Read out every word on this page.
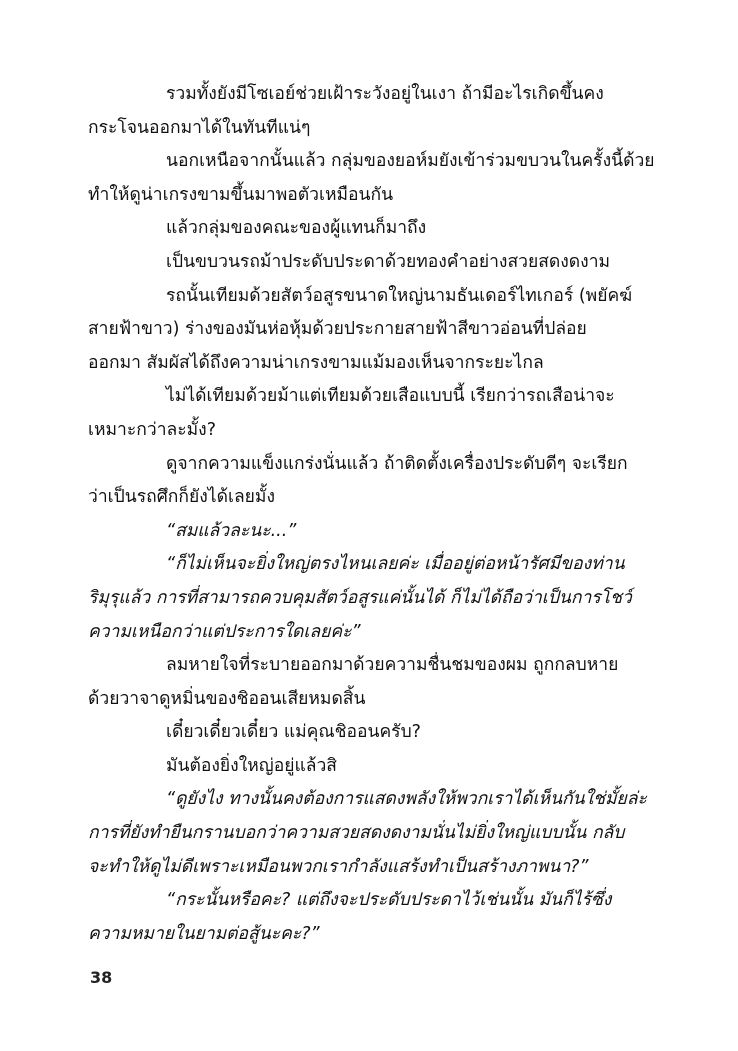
รวมทั้งยังมีโซเอย์ช่วยเฝ้าระวังอยู่ในเงา ถ้ามีอะไรเกิดขึ้นคง
กระโจนออกมาได้ในทันทีแน่ๆ
นอกเหนือจากนั้นแล้ว กลุ่มของยอห์มยังเข้าร่วมขบวนในครั้งนี้ด้วย
ทำให้ดูน่าเกรงขามขึ้นมาพอตัวเหมือนกัน
แล้วกลุ่มของคณะของผู้แทนก็มาถึง
เป็นขบวนรถม้าประดับประดาด้วยทองคำอย่างสวยสดงดงาม
รถนั้นเทียมด้วยสัตว์อสูรขนาดใหญ่นามธันเดอร์ไทเกอร์ (พยัคฆ์
สายฟ้าขาว) ร่างของมันห่อหุ้มด้วยประกายสายฟ้าสีขาวอ่อนที่ปล่อย
ออกมา สัมผัสได้ถึงความน่าเกรงขามแม้มองเห็นจากระยะไกล
ไม่ได้เทียมด้วยม้าแต่เทียมด้วยเสือแบบนี้ เรียกว่ารถเสือน่าจะ
เหมาะกว่าละมั้ง?
ดูจากความแข็งแกร่งนั่นแล้ว ถ้าติดตั้งเครื่องประดับดีๆ จะเรียก
ว่าเป็นรถศึกก็ยังได้เลยมั้ง
“สมแล้วละนะ...”
“ก็ไม่เห็นจะยิ่งใหญ่ตรงไหนเลยค่ะ เมื่ออยู่ต่อหน้ารัศมีของท่าน
ริมุรุแล้ว การที่สามารถควบคุมสัตว์อสูรแค่นั้นได้ ก็ไม่ได้ถือว่าเป็นการโชว์
ความเหนือกว่าแต่ประการใดเลยค่ะ”
ลมหายใจที่ระบายออกมาด้วยความชื่นชมของผม ถูกกลบหาย
ด้วยวาจาดูหมิ่นของชิออนเสียหมดสิ้น
เดี๋ยวเดี๋ยวเดี๋ยว แม่คุณชิออนครับ?
มันต้องยิ่งใหญ่อยู่แล้วสิ
“ดูยังไง ทางนั้นคงต้องการแสดงพลังให้พวกเราได้เห็นกันใช่มั้ยล่ะ
การที่ยังทำยืนกรานบอกว่าความสวยสดงดงามนั่นไม่ยิ่งใหญ่แบบนั้น กลับ
จะทำให้ดูไม่ดีเพราะเหมือนพวกเรากำลังแสร้งทำเป็นสร้างภาพนา?”
“กระนั้นหรือคะ? แต่ถึงจะประดับประดาไว้เช่นนั้น มันก็ไร้ซึ่ง
ความหมายในยามต่อสู้นะคะ?”
38
